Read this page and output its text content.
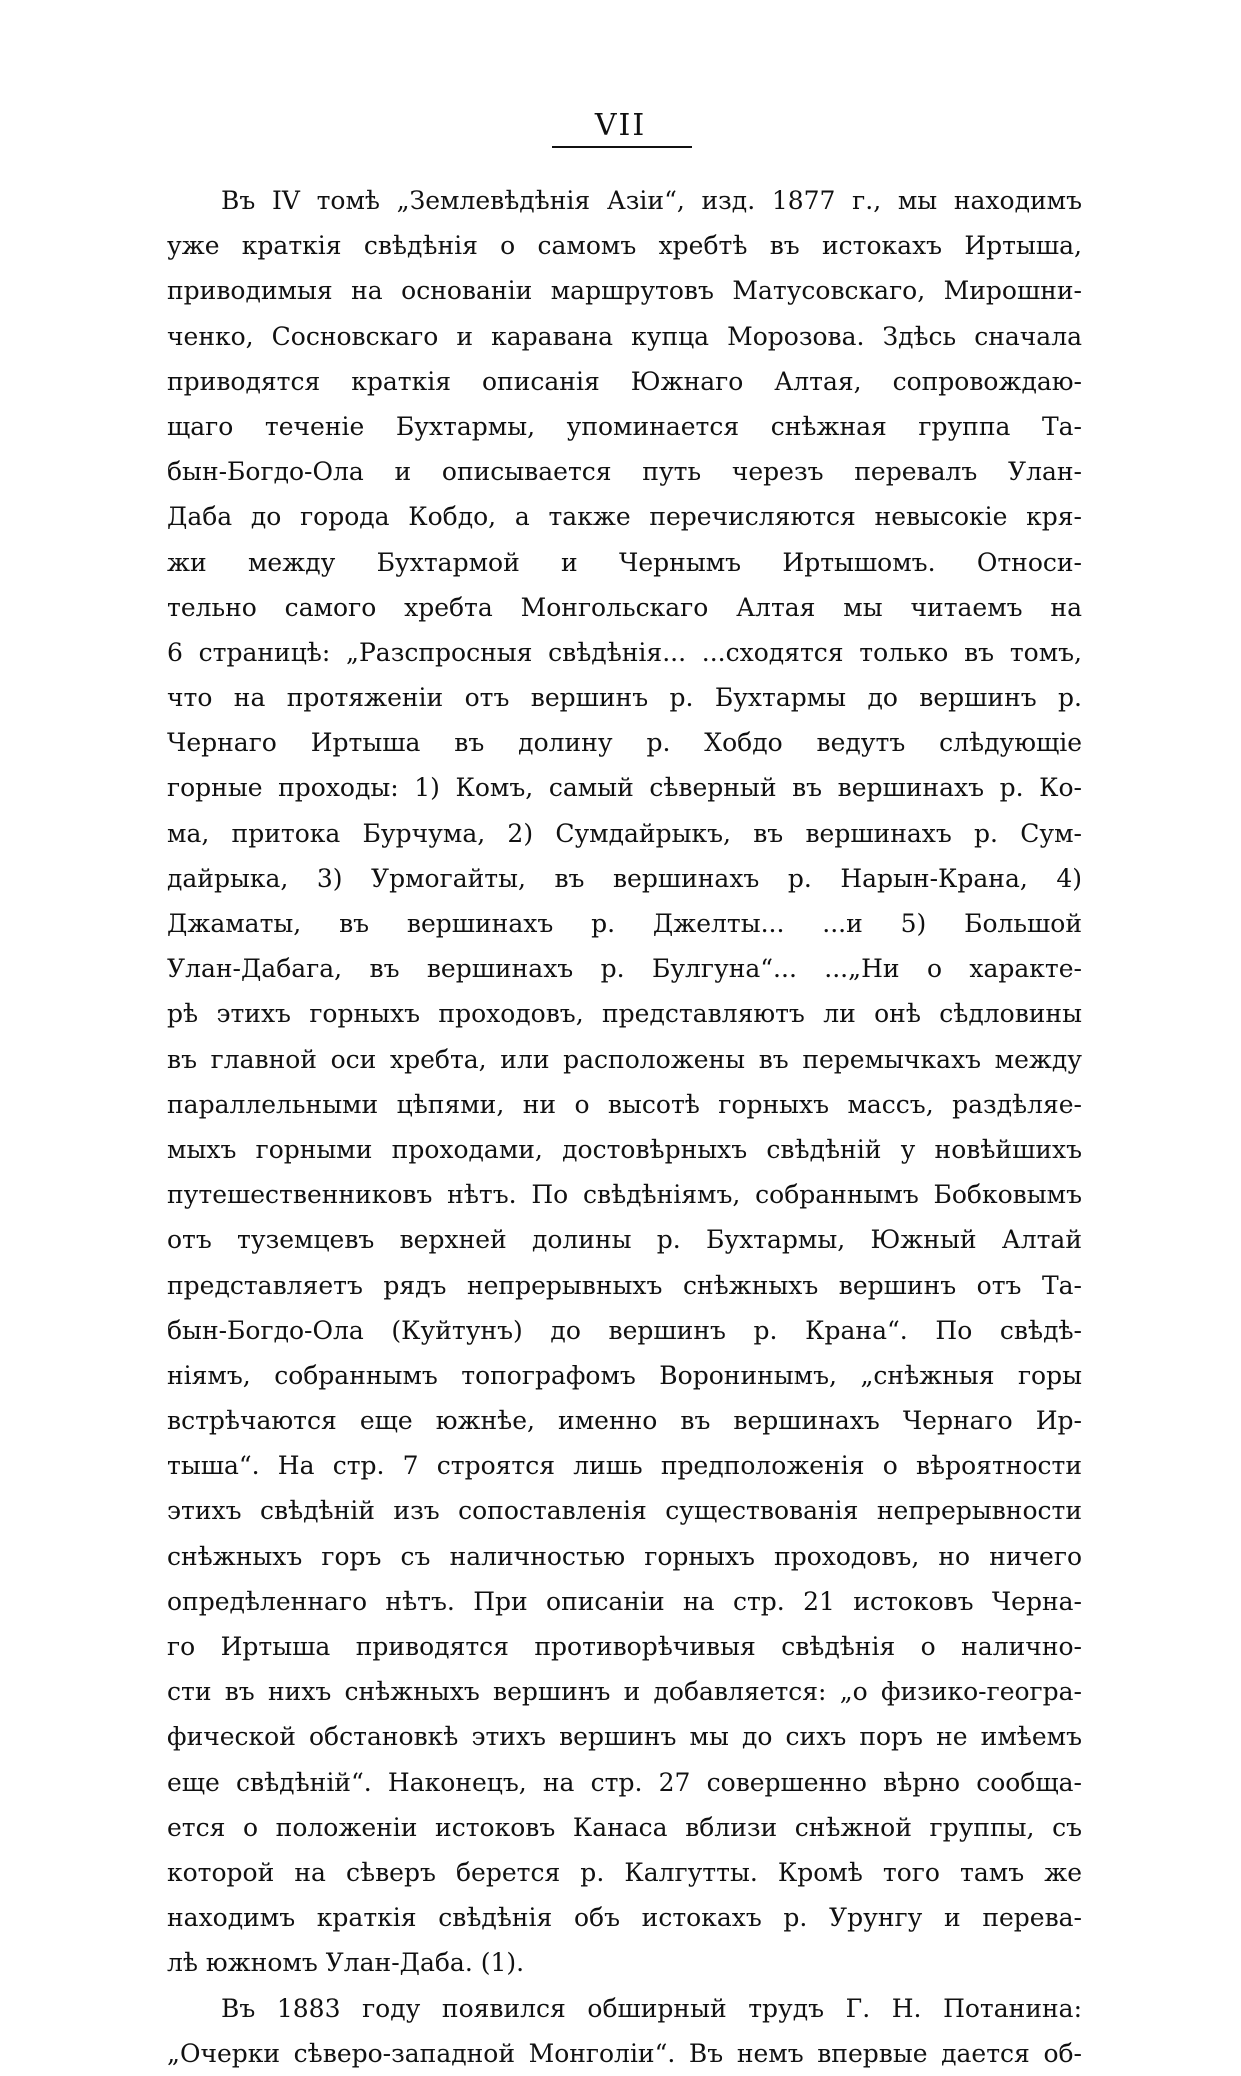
VII
Въ IV томѣ „Землевѣдѣнія Азіи“, изд. 1877 г., мы находимъ
уже краткія свѣдѣнія о самомъ хребтѣ въ истокахъ Иртыша,
приводимыя на основаніи маршрутовъ Матусовскаго, Мирошни-
ченко, Сосновскаго и каравана купца Морозова. Здѣсь сначала
приводятся краткія описанія Южнаго Алтая, сопровождаю-
щаго теченіе Бухтармы, упоминается снѣжная группа Та-
бын-Богдо-Ола и описывается путь черезъ перевалъ Улан-
Даба до города Кобдо, а также перечисляются невысокіе кря-
жи между Бухтармой и Чернымъ Иртышомъ. Относи-
тельно самого хребта Монгольскаго Алтая мы читаемъ на
6 страницѣ: „Разспросныя свѣдѣнія... ...сходятся только въ томъ,
что на протяженіи отъ вершинъ р. Бухтармы до вершинъ р.
Чернаго Иртыша въ долину р. Хобдо ведутъ слѣдующіе
горные проходы: 1) Комъ, самый сѣверный въ вершинахъ р. Ко-
ма, притока Бурчума, 2) Сумдайрыкъ, въ вершинахъ р. Сум-
дайрыка, 3) Урмогайты, въ вершинахъ р. Нарын-Крана, 4)
Джаматы, въ вершинахъ р. Джелты... ...и 5) Большой
Улан-Дабага, въ вершинахъ р. Булгуна“... ...„Ни о характе-
рѣ этихъ горныхъ проходовъ, представляютъ ли онѣ сѣдловины
въ главной оси хребта, или расположены въ перемычкахъ между
параллельными цѣпями, ни о высотѣ горныхъ массъ, раздѣляе-
мыхъ горными проходами, достовѣрныхъ свѣдѣній у новѣйшихъ
путешественниковъ нѣтъ. По свѣдѣніямъ, собраннымъ Бобковымъ
отъ туземцевъ верхней долины р. Бухтармы, Южный Алтай
представляетъ рядъ непрерывныхъ снѣжныхъ вершинъ отъ Та-
бын-Богдо-Ола (Куйтунъ) до вершинъ р. Крана“. По свѣдѣ-
ніямъ, собраннымъ топографомъ Воронинымъ, „снѣжныя горы
встрѣчаются еще южнѣе, именно въ вершинахъ Чернаго Ир-
тыша“. На стр. 7 строятся лишь предположенія о вѣроятности
этихъ свѣдѣній изъ сопоставленія существованія непрерывности
снѣжныхъ горъ съ наличностью горныхъ проходовъ, но ничего
опредѣленнаго нѣтъ. При описаніи на стр. 21 истоковъ Черна-
го Иртыша приводятся противорѣчивыя свѣдѣнія о налично-
сти въ нихъ снѣжныхъ вершинъ и добавляется: „о физико-геогра-
фической обстановкѣ этихъ вершинъ мы до сихъ поръ не имѣемъ
еще свѣдѣній“. Наконецъ, на стр. 27 совершенно вѣрно сообща-
ется о положеніи истоковъ Канаса вблизи снѣжной группы, съ
которой на сѣверъ берется р. Калгутты. Кромѣ того тамъ же
находимъ краткія свѣдѣнія объ истокахъ р. Урунгу и перева-
лѣ южномъ Улан-Даба. (1).
Въ 1883 году появился обширный трудъ Г. Н. Потанина:
„Очерки сѣверо-западной Монголіи“. Въ немъ впервые дается об-
